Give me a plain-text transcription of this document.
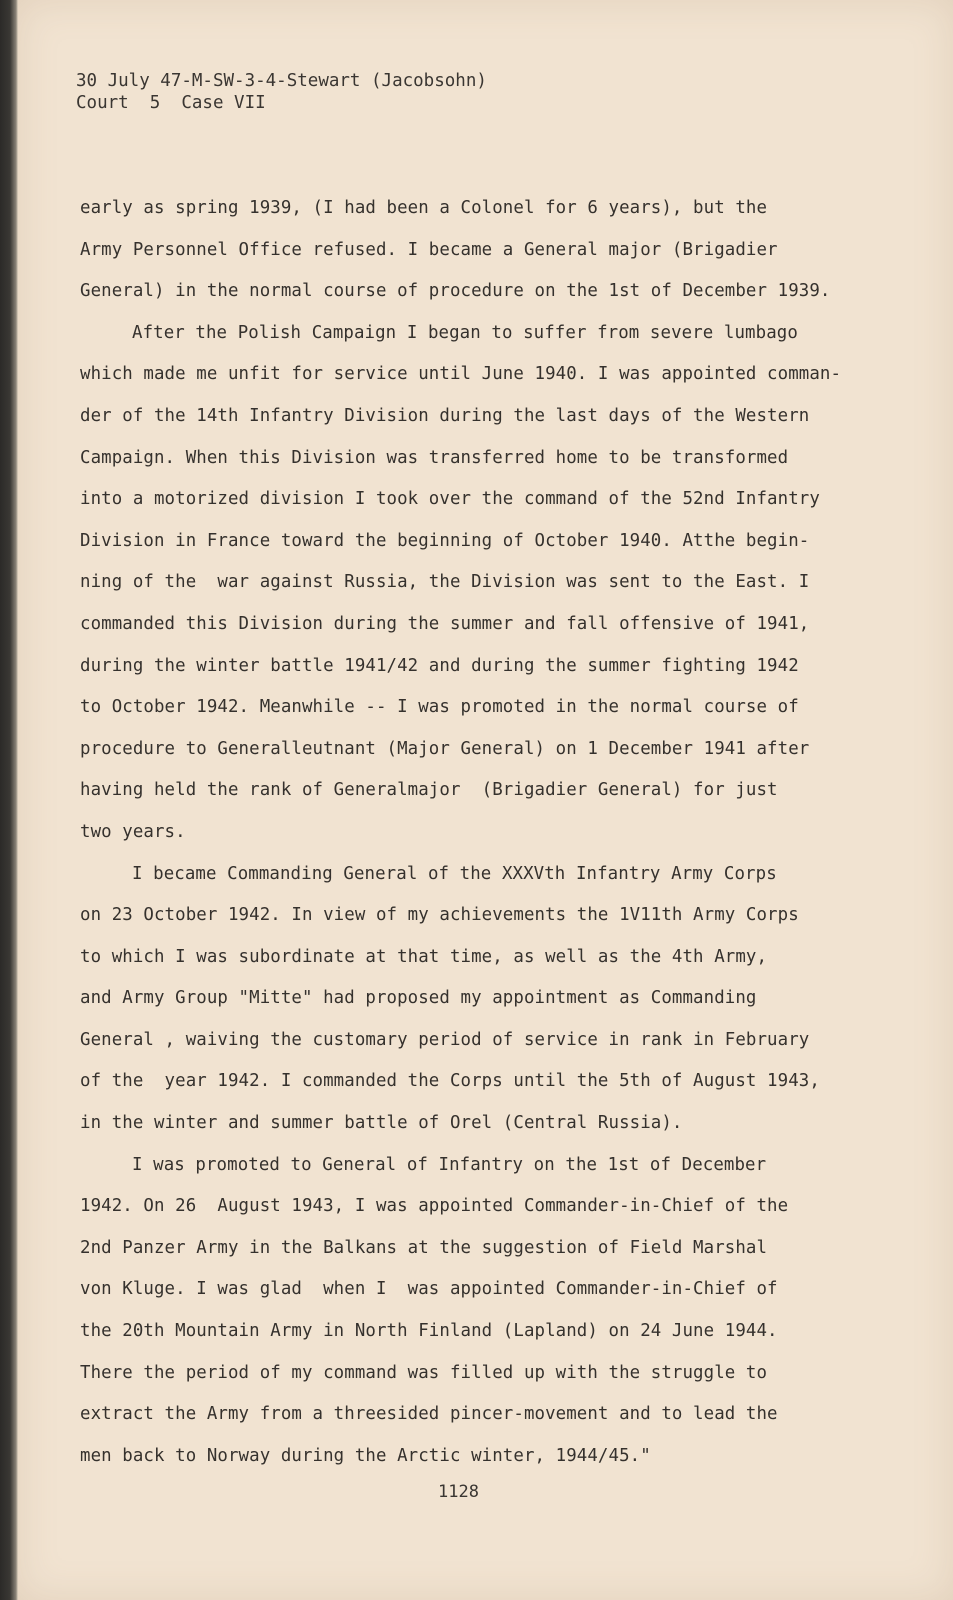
30 July 47-M-SW-3-4-Stewart (Jacobsohn)
Court  5  Case VII
early as spring 1939, (I had been a Colonel for 6 years), but the
Army Personnel Office refused. I became a General major (Brigadier
General) in the normal course of procedure on the 1st of December 1939.
After the Polish Campaign I began to suffer from severe lumbago
which made me unfit for service until June 1940. I was appointed comman-
der of the 14th Infantry Division during the last days of the Western
Campaign. When this Division was transferred home to be transformed
into a motorized division I took over the command of the 52nd Infantry
Division in France toward the beginning of October 1940. Atthe begin-
ning of the  war against Russia, the Division was sent to the East. I
commanded this Division during the summer and fall offensive of 1941,
during the winter battle 1941/42 and during the summer fighting 1942
to October 1942. Meanwhile -- I was promoted in the normal course of
procedure to Generalleutnant (Major General) on 1 December 1941 after
having held the rank of Generalmajor  (Brigadier General) for just
two years.
I became Commanding General of the XXXVth Infantry Army Corps
on 23 October 1942. In view of my achievements the 1V11th Army Corps
to which I was subordinate at that time, as well as the 4th Army,
and Army Group "Mitte" had proposed my appointment as Commanding
General , waiving the customary period of service in rank in February
of the  year 1942. I commanded the Corps until the 5th of August 1943,
in the winter and summer battle of Orel (Central Russia).
I was promoted to General of Infantry on the 1st of December
1942. On 26  August 1943, I was appointed Commander-in-Chief of the
2nd Panzer Army in the Balkans at the suggestion of Field Marshal
von Kluge. I was glad  when I  was appointed Commander-in-Chief of
the 20th Mountain Army in North Finland (Lapland) on 24 June 1944.
There the period of my command was filled up with the struggle to
extract the Army from a threesided pincer-movement and to lead the
men back to Norway during the Arctic winter, 1944/45."
1128
